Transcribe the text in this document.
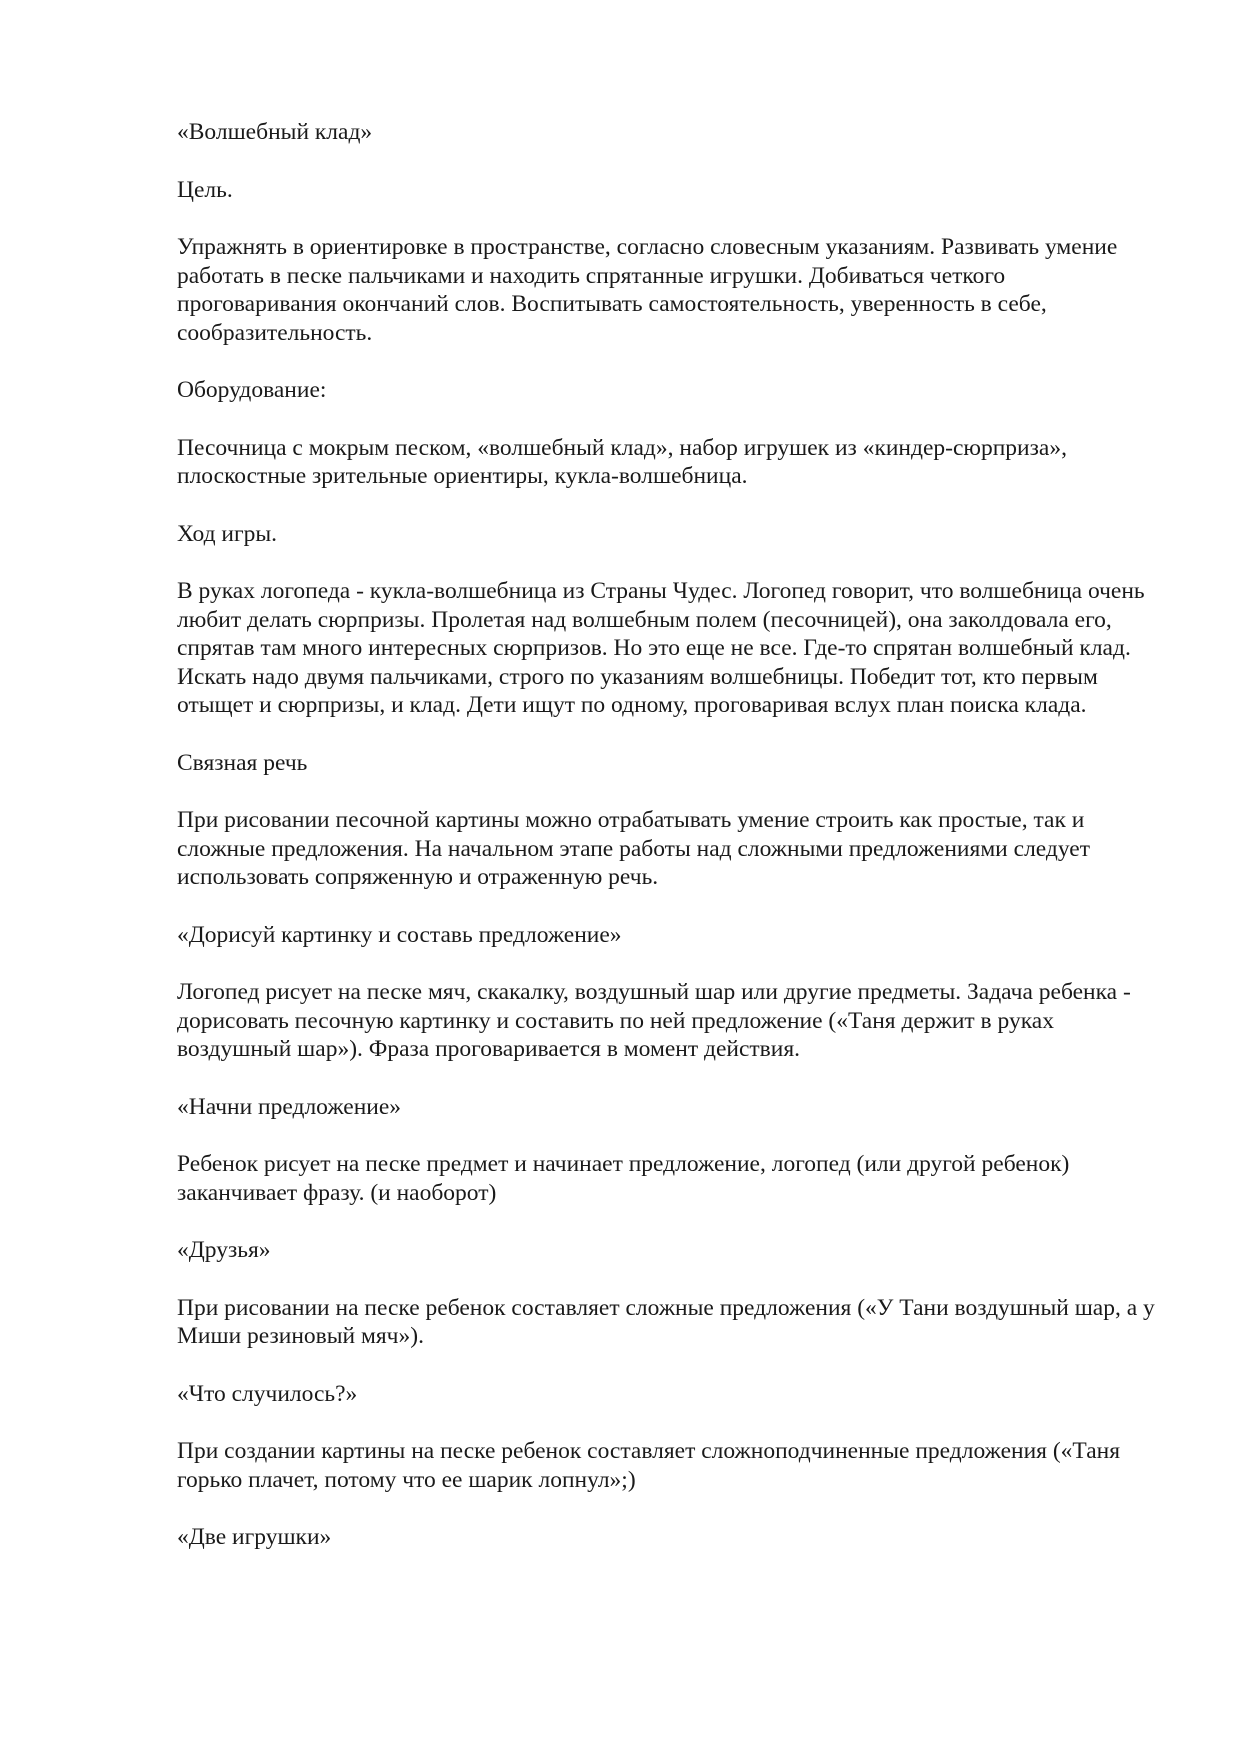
«Волшебный клад»

Цель.

Упражнять в ориентировке в пространстве, согласно словесным указаниям. Развивать умение работать в песке пальчиками и находить спрятанные игрушки. Добиваться четкого проговаривания окончаний слов. Воспитывать самостоятельность, уверенность в себе, сообразительность.

Оборудование:

Песочница с мокрым песком, «волшебный клад», набор игрушек из «киндер-сюрприза», плоскостные зрительные ориентиры, кукла-волшебница.

Ход игры.

В руках логопеда - кукла-волшебница из Страны Чудес. Логопед говорит, что волшебница очень любит делать сюрпризы. Пролетая над волшебным полем (песочницей), она заколдовала его, спрятав там много интересных сюрпризов. Но это еще не все. Где-то спрятан волшебный клад. Искать надо двумя пальчиками, строго по указаниям волшебницы. Победит тот, кто первым отыщет и сюрпризы, и клад. Дети ищут по одному, проговаривая вслух план поиска клада.

Связная речь

При рисовании песочной картины можно отрабатывать умение строить как простые, так и сложные предложения. На начальном этапе работы над сложными предложениями следует использовать сопряженную и отраженную речь.

«Дорисуй картинку и составь предложение»

Логопед рисует на песке мяч, скакалку, воздушный шар или другие предметы. Задача ребенка - дорисовать песочную картинку и составить по ней предложение («Таня держит в руках воздушный шар»). Фраза проговаривается в момент действия.

«Начни предложение»

Ребенок рисует на песке предмет и начинает предложение, логопед (или другой ребенок) заканчивает фразу. (и наоборот)

«Друзья»

При рисовании на песке ребенок составляет сложные предложения («У Тани воздушный шар, а у Миши резиновый мяч»).

«Что случилось?»

При создании картины на песке ребенок составляет сложноподчиненные предложения («Таня горько плачет, потому что ее шарик лопнул»;)

«Две игрушки»
